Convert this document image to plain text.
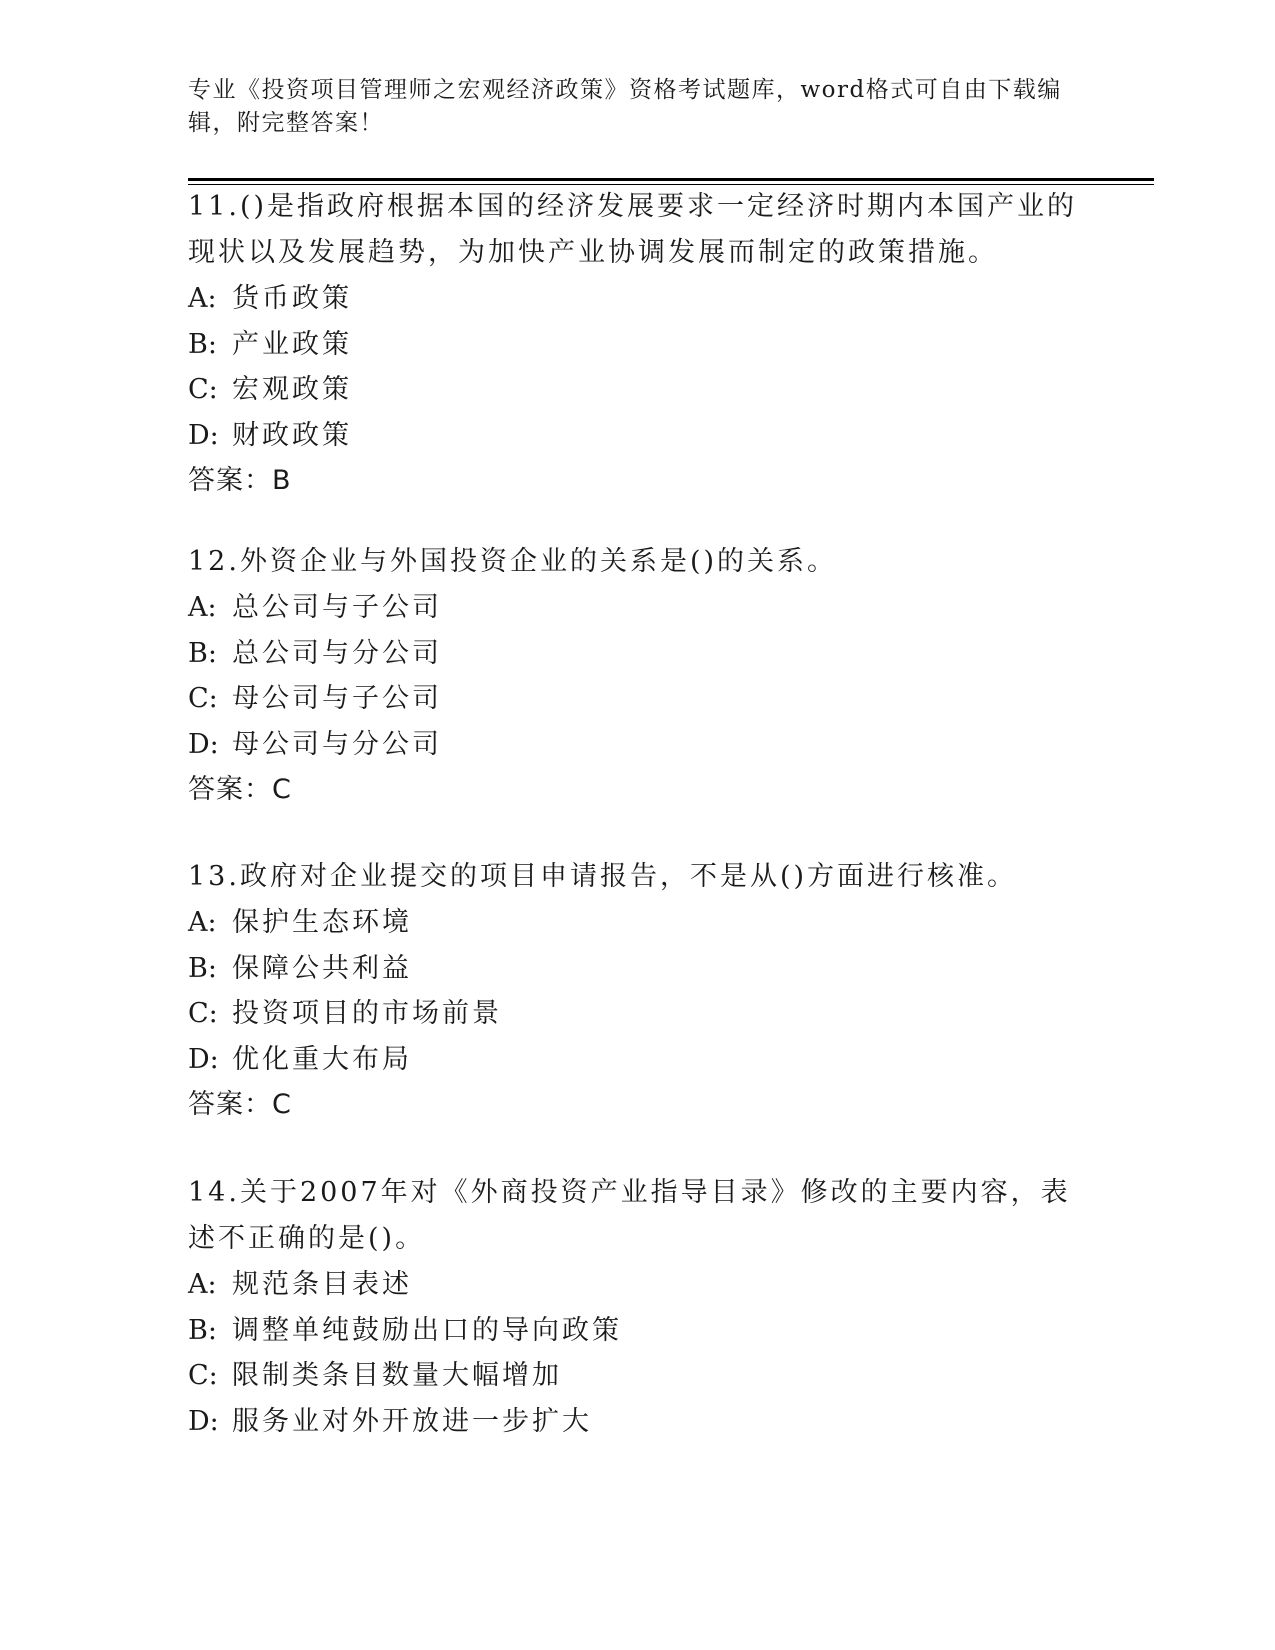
专业《投资项目管理师之宏观经济政策》资格考试题库，word格式可自由下载编辑，附完整答案！
11.()是指政府根据本国的经济发展要求一定经济时期内本国产业的现状以及发展趋势，为加快产业协调发展而制定的政策措施。
A: 货币政策
B: 产业政策
C: 宏观政策
D: 财政政策
答案：B
12.外资企业与外国投资企业的关系是()的关系。
A: 总公司与子公司
B: 总公司与分公司
C: 母公司与子公司
D: 母公司与分公司
答案：C
13.政府对企业提交的项目申请报告，不是从()方面进行核准。
A: 保护生态环境
B: 保障公共利益
C: 投资项目的市场前景
D: 优化重大布局
答案：C
14.关于2007年对《外商投资产业指导目录》修改的主要内容，表述不正确的是()。
A: 规范条目表述
B: 调整单纯鼓励出口的导向政策
C: 限制类条目数量大幅增加
D: 服务业对外开放进一步扩大
